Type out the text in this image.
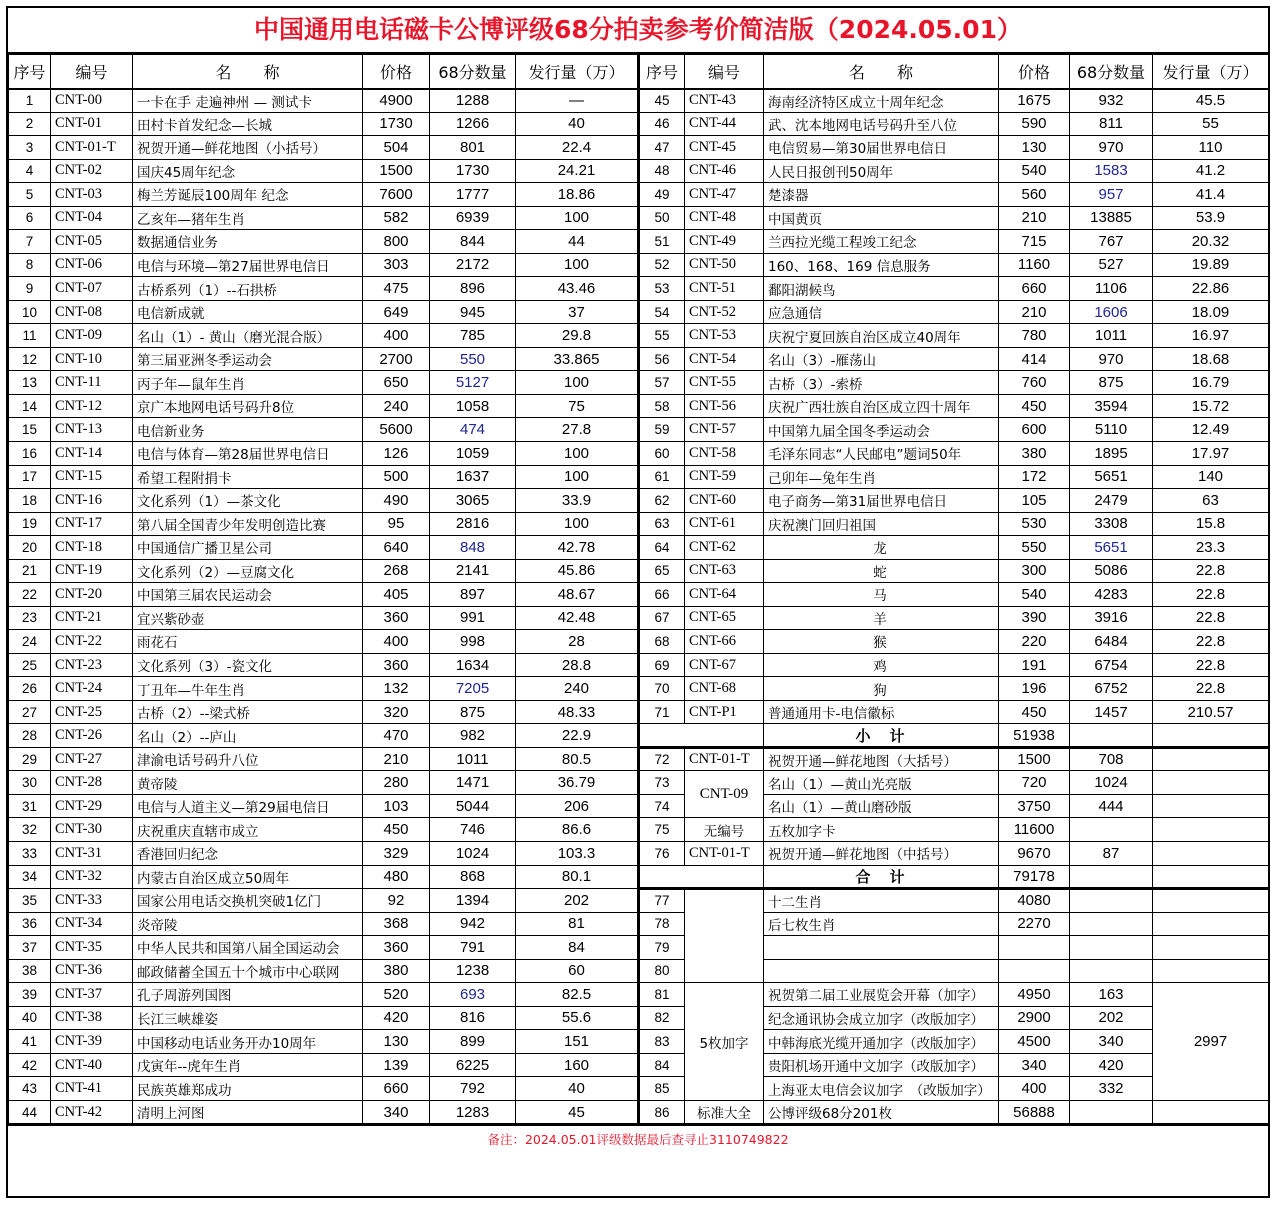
中国通用电话磁卡公博评级68分拍卖参考价简洁版（2024.05.01）
序号	编号	名　　称	价格	68分数量	发行量（万）	序号	编号	名　　称	价格	68分数量	发行量（万）
1	CNT-00	一卡在手 走遍神州 — 测试卡	4900	1288	—	45	CNT-43	海南经济特区成立十周年纪念	1675	932	45.5
2	CNT-01	田村卡首发纪念—长城	1730	1266	40	46	CNT-44	武、沈本地网电话号码升至八位	590	811	55
3	CNT-01-T	祝贺开通—鲜花地图（小括号）	504	801	22.4	47	CNT-45	电信贸易—第30届世界电信日	130	970	110
4	CNT-02	国庆45周年纪念	1500	1730	24.21	48	CNT-46	人民日报创刊50周年	540	1583	41.2
5	CNT-03	梅兰芳诞辰100周年 纪念	7600	1777	18.86	49	CNT-47	楚漆器	560	957	41.4
6	CNT-04	乙亥年—猪年生肖	582	6939	100	50	CNT-48	中国黄页	210	13885	53.9
7	CNT-05	数据通信业务	800	844	44	51	CNT-49	兰西拉光缆工程竣工纪念	715	767	20.32
8	CNT-06	电信与环境—第27届世界电信日	303	2172	100	52	CNT-50	160、168、169 信息服务	1160	527	19.89
9	CNT-07	古桥系列（1）--石拱桥	475	896	43.46	53	CNT-51	鄱阳湖候鸟	660	1106	22.86
10	CNT-08	电信新成就	649	945	37	54	CNT-52	应急通信	210	1606	18.09
11	CNT-09	名山（1）- 黄山（磨光混合版）	400	785	29.8	55	CNT-53	庆祝宁夏回族自治区成立40周年	780	1011	16.97
12	CNT-10	第三届亚洲冬季运动会	2700	550	33.865	56	CNT-54	名山（3）-雁荡山	414	970	18.68
13	CNT-11	丙子年—鼠年生肖	650	5127	100	57	CNT-55	古桥（3）-索桥	760	875	16.79
14	CNT-12	京广本地网电话号码升8位	240	1058	75	58	CNT-56	庆祝广西壮族自治区成立四十周年	450	3594	15.72
15	CNT-13	电信新业务	5600	474	27.8	59	CNT-57	中国第九届全国冬季运动会	600	5110	12.49
16	CNT-14	电信与体育—第28届世界电信日	126	1059	100	60	CNT-58	毛泽东同志“人民邮电”题词50年	380	1895	17.97
17	CNT-15	希望工程附捐卡	500	1637	100	61	CNT-59	己卯年—兔年生肖	172	5651	140
18	CNT-16	文化系列（1）—茶文化	490	3065	33.9	62	CNT-60	电子商务—第31届世界电信日	105	2479	63
19	CNT-17	第八届全国青少年发明创造比赛	95	2816	100	63	CNT-61	庆祝澳门回归祖国	530	3308	15.8
20	CNT-18	中国通信广播卫星公司	640	848	42.78	64	CNT-62	龙	550	5651	23.3
21	CNT-19	文化系列（2）—豆腐文化	268	2141	45.86	65	CNT-63	蛇	300	5086	22.8
22	CNT-20	中国第三届农民运动会	405	897	48.67	66	CNT-64	马	540	4283	22.8
23	CNT-21	宜兴紫砂壶	360	991	42.48	67	CNT-65	羊	390	3916	22.8
24	CNT-22	雨花石	400	998	28	68	CNT-66	猴	220	6484	22.8
25	CNT-23	文化系列（3）-瓷文化	360	1634	28.8	69	CNT-67	鸡	191	6754	22.8
26	CNT-24	丁丑年—牛年生肖	132	7205	240	70	CNT-68	狗	196	6752	22.8
27	CNT-25	古桥（2）--梁式桥	320	875	48.33	71	CNT-P1	普通通用卡-电信徽标	450	1457	210.57
28	CNT-26	名山（2）--庐山	470	982	22.9			小　计	51938		
29	CNT-27	津渝电话号码升八位	210	1011	80.5	72	CNT-01-T	祝贺开通—鲜花地图（大括号）	1500	708	
30	CNT-28	黄帝陵	280	1471	36.79	73	CNT-09	名山（1）—黄山光亮版	720	1024	
31	CNT-29	电信与人道主义—第29届电信日	103	5044	206	74		名山（1）—黄山磨砂版	3750	444	
32	CNT-30	庆祝重庆直辖市成立	450	746	86.6	75	无编号	五枚加字卡	11600		
33	CNT-31	香港回归纪念	329	1024	103.3	76	CNT-01-T	祝贺开通—鲜花地图（中括号）	9670	87	
34	CNT-32	内蒙古自治区成立50周年	480	868	80.1			合　计	79178		
35	CNT-33	国家公用电话交换机突破1亿门	92	1394	202	77		十二生肖	4080		
36	CNT-34	炎帝陵	368	942	81	78		后七枚生肖	2270		
37	CNT-35	中华人民共和国第八届全国运动会	360	791	84	79					
38	CNT-36	邮政储蓄全国五十个城市中心联网	380	1238	60	80					
39	CNT-37	孔子周游列国图	520	693	82.5	81	5枚加字	祝贺第二届工业展览会开幕（加字）	4950	163	2997
40	CNT-38	长江三峡雄姿	420	816	55.6	82		纪念通讯协会成立加字（改版加字）	2900	202	
41	CNT-39	中国移动电话业务开办10周年	130	899	151	83		中韩海底光缆开通加字（改版加字）	4500	340	
42	CNT-40	戊寅年--虎年生肖	139	6225	160	84		贵阳机场开通中文加字（改版加字）	340	420	
43	CNT-41	民族英雄郑成功	660	792	40	85		上海亚太电信会议加字　（改版加字）	400	332	
44	CNT-42	清明上河图	340	1283	45	86	标准大全	公博评级68分201枚	56888		
备注：2024.05.01评级数据最后查寻止3110749822
